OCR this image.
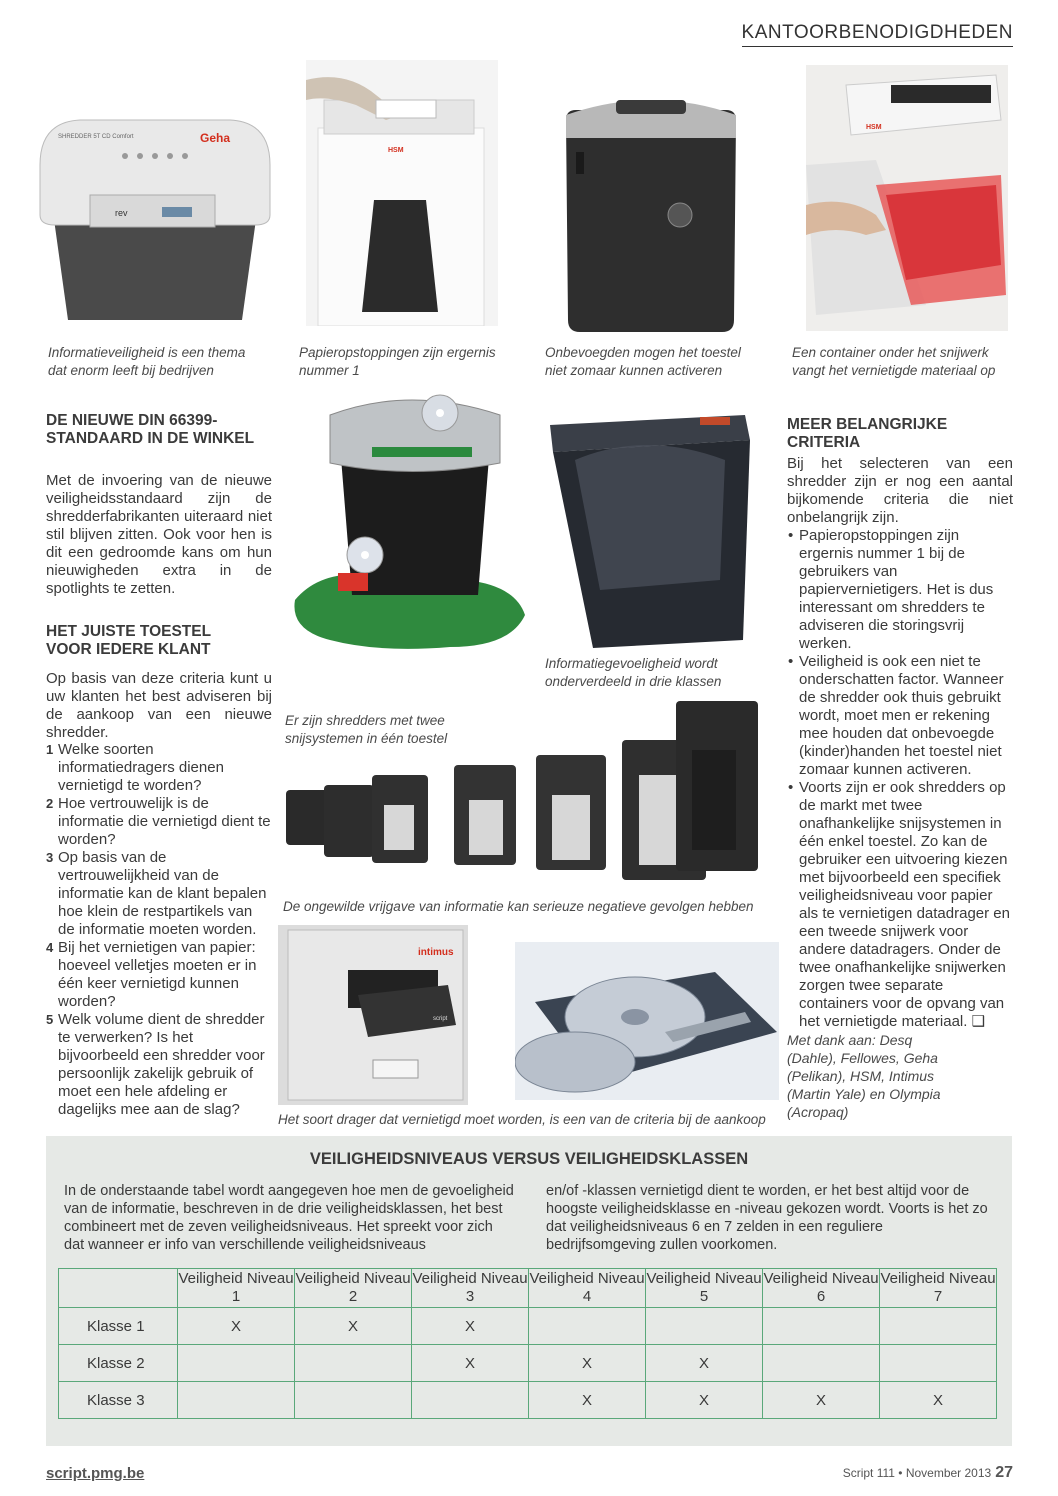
KANTOORBENODIGDHEDEN
Geha
SHREDDER 5T CD Comfort
rev
HSM
HSM
Informatieveiligheid is een thema dat enorm leeft bij bedrijven
Papieropstoppingen zijn ergernis nummer 1
Onbevoegden mogen het toestel niet zomaar kunnen activeren
Een container onder het snijwerk vangt het vernietigde materiaal op
DE NIEUWE DIN 66399-STANDAARD IN DE WINKEL
Met de invoering van de nieuwe veiligheidsstandaard zijn de shredderfabrikanten uiteraard niet stil blijven zitten. Ook voor hen is dit een gedroomde kans om hun nieuwigheden extra in de spotlights te zetten.
HET JUISTE TOESTEL VOOR IEDERE KLANT
Op basis van deze criteria kunt u uw klanten het best adviseren bij de aankoop van een nieuwe shredder.
1 Welke soorten informatiedragers dienen vernietigd te worden?
2 Hoe vertrouwelijk is de informatie die vernietigd dient te worden?
3 Op basis van de vertrouwelijkheid van de informatie kan de klant bepalen hoe klein de restpartikels van de informatie moeten worden.
4 Bij het vernietigen van papier: hoeveel velletjes moeten er in één keer vernietigd kunnen worden?
5 Welk volume dient de shredder te verwerken? Is het bijvoorbeeld een shredder voor persoonlijk zakelijk gebruik of moet een hele afdeling er dagelijks mee aan de slag?
Er zijn shredders met twee snijsystemen in één toestel
Informatiegevoeligheid wordt onderverdeeld in drie klassen
De ongewilde vrijgave van informatie kan serieuze negatieve gevolgen hebben
intimus
script
Het soort drager dat vernietigd moet worden, is een van de criteria bij de aankoop
MEER BELANGRIJKE CRITERIA
Bij het selecteren van een shredder zijn er nog een aantal bijkomende criteria die niet onbelangrijk zijn.
• Papieropstoppingen zijn ergernis nummer 1 bij de gebruikers van papiervernietigers. Het is dus interessant om shredders te adviseren die storingsvrij werken.
• Veiligheid is ook een niet te onderschatten factor. Wanneer de shredder ook thuis gebruikt wordt, moet men er rekening mee houden dat onbevoegde (kinder)handen het toestel niet zomaar kunnen activeren.
• Voorts zijn er ook shredders op de markt met twee onafhankelijke snijsystemen in één enkel toestel. Zo kan de gebruiker een uitvoering kiezen met bijvoorbeeld een specifiek veiligheidsniveau voor papier als te vernietigen datadrager en een tweede snijwerk voor andere datadragers. Onder de twee onafhankelijke snijwerken zorgen twee separate containers voor de opvang van het vernietigde materiaal. ❑
Met dank aan: Desq (Dahle), Fellowes, Geha (Pelikan), HSM, Intimus (Martin Yale) en Olympia (Acropaq)
VEILIGHEIDSNIVEAUS VERSUS VEILIGHEIDSKLASSEN
In de onderstaande tabel wordt aangegeven hoe men de gevoeligheid van de informatie, beschreven in de drie veiligheidsklassen, het best combineert met de zeven veiligheidsniveaus. Het spreekt voor zich dat wanneer er info van verschillende veiligheidsniveaus
en/of -klassen vernietigd dient te worden, er het best altijd voor de hoogste veiligheidsklasse en -niveau gekozen wordt. Voorts is het zo dat veiligheidsniveaus 6 en 7 zelden in een reguliere bedrijfsomgeving zullen voorkomen.
	Veiligheid Niveau 1	Veiligheid Niveau 2	Veiligheid Niveau 3	Veiligheid Niveau 4	Veiligheid Niveau 5	Veiligheid Niveau 6	Veiligheid Niveau 7
Klasse 1	X	X	X				
Klasse 2			X	X	X		
Klasse 3				X	X	X	X
script.pmg.be	Script 111 • November 2013 27
